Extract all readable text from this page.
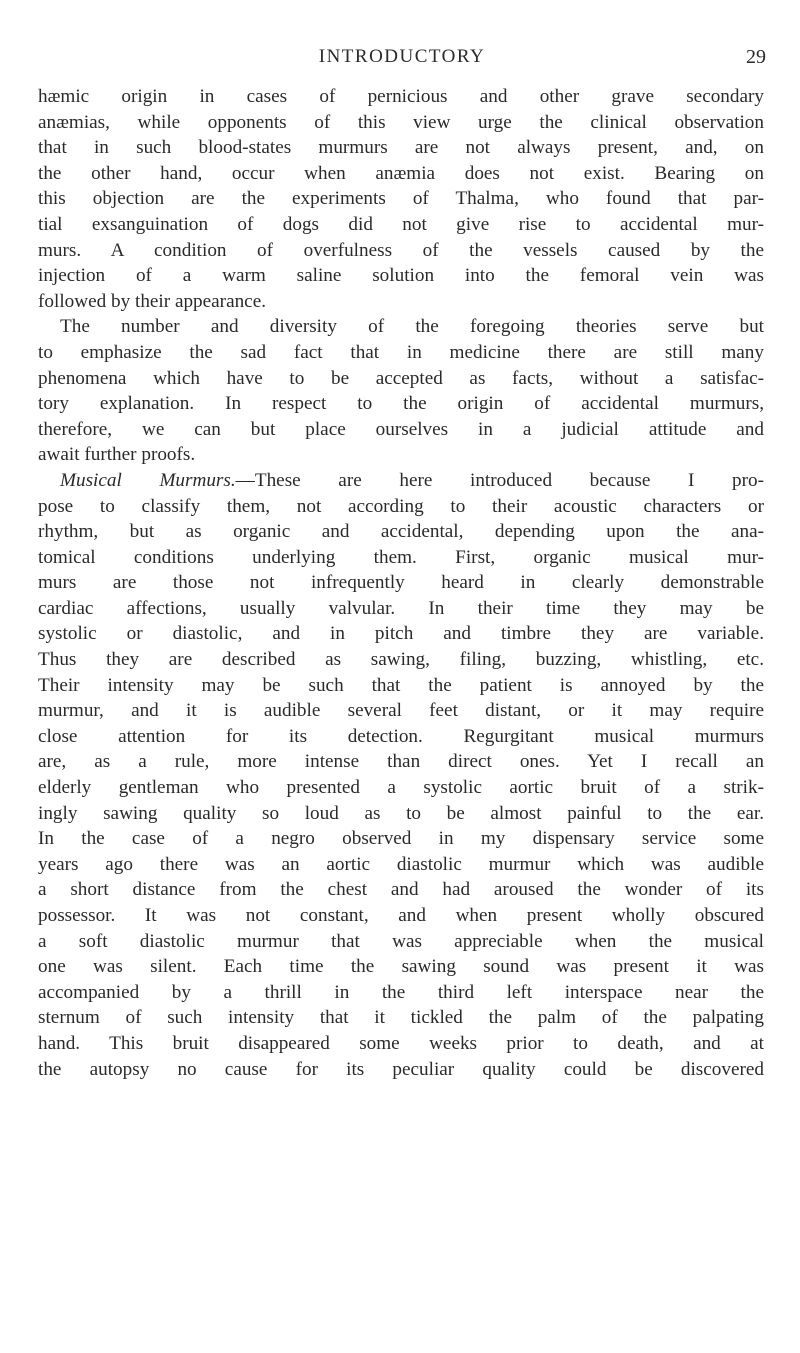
INTRODUCTORY	29
hæmic origin in cases of pernicious and other grave secondary
anæmias, while opponents of this view urge the clinical observation
that in such blood-states murmurs are not always present, and, on
the other hand, occur when anæmia does not exist. Bearing on
this objection are the experiments of Thalma, who found that par-
tial exsanguination of dogs did not give rise to accidental mur-
murs. A condition of overfulness of the vessels caused by the
injection of a warm saline solution into the femoral vein was
followed by their appearance.
The number and diversity of the foregoing theories serve but
to emphasize the sad fact that in medicine there are still many
phenomena which have to be accepted as facts, without a satisfac-
tory explanation. In respect to the origin of accidental murmurs,
therefore, we can but place ourselves in a judicial attitude and
await further proofs.
Musical Murmurs.—These are here introduced because I pro-
pose to classify them, not according to their acoustic characters or
rhythm, but as organic and accidental, depending upon the ana-
tomical conditions underlying them. First, organic musical mur-
murs are those not infrequently heard in clearly demonstrable
cardiac affections, usually valvular. In their time they may be
systolic or diastolic, and in pitch and timbre they are variable.
Thus they are described as sawing, filing, buzzing, whistling, etc.
Their intensity may be such that the patient is annoyed by the
murmur, and it is audible several feet distant, or it may require
close attention for its detection. Regurgitant musical murmurs
are, as a rule, more intense than direct ones. Yet I recall an
elderly gentleman who presented a systolic aortic bruit of a strik-
ingly sawing quality so loud as to be almost painful to the ear.
In the case of a negro observed in my dispensary service some
years ago there was an aortic diastolic murmur which was audible
a short distance from the chest and had aroused the wonder of its
possessor. It was not constant, and when present wholly obscured
a soft diastolic murmur that was appreciable when the musical
one was silent. Each time the sawing sound was present it was
accompanied by a thrill in the third left interspace near the
sternum of such intensity that it tickled the palm of the palpating
hand. This bruit disappeared some weeks prior to death, and at
the autopsy no cause for its peculiar quality could be discovered
